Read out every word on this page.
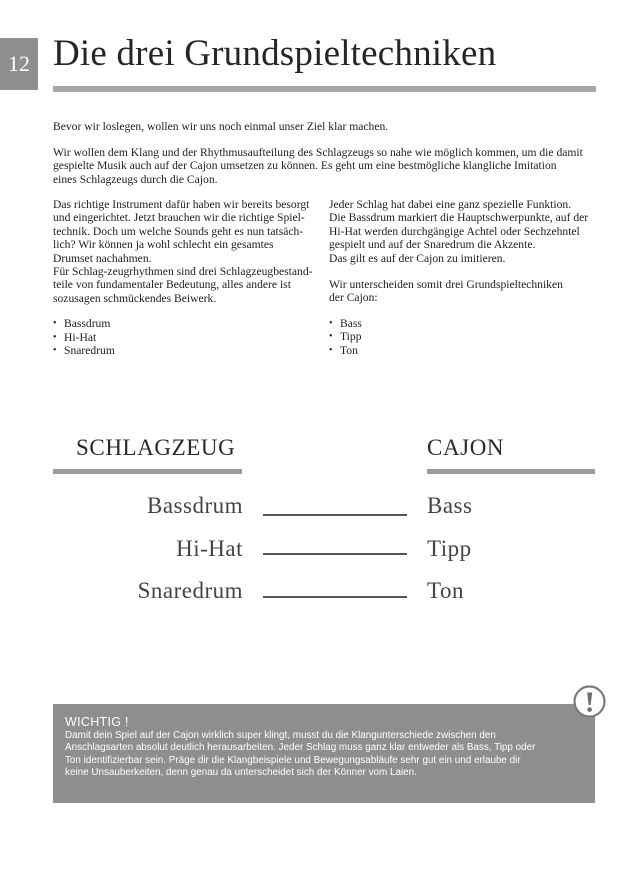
12 Die drei Grundspieltechniken

Bevor wir loslegen, wollen wir uns noch einmal unser Ziel klar machen.

Wir wollen dem Klang und der Rhythmusaufteilung des Schlagzeugs so nahe wie möglich kommen, um die damit
gespielte Musik auch auf der Cajon umsetzen zu können. Es geht um eine bestmögliche klangliche Imitation
eines Schlagzeugs durch die Cajon.

Das richtige Instrument dafür haben wir bereits besorgt

und eingerichtet. Jetzt brauchen wir die richtige Spiel-

technik. Doch um welche Sounds geht es nun tatsäch-

lich? Wir können ja wohl schlecht ein gesamtes

Drumset nachahmen.

Für Schlag-zeugrhythmen sind drei Schlagzeugbestand-

teile von fundamentaler Bedeutung, alles andere ist

sozusagen schmückendes Beiwerk.

• Bassdrum
• Hi-Hat
• Snaredrum

Jeder Schlag hat dabei eine ganz spezielle Funktion.

Die Bassdrum markiert die Hauptschwerpunkte, auf der

Hi-Hat werden durchgängige Achtel oder Sechzehntel

gespielt und auf der Snaredrum die Akzente.

Das gilt es auf der Cajon zu imitieren.

Wir unterscheiden somit drei Grundspieltechniken

der Cajon:

• Bass
• Tipp
• Ton
SCHLAGZEUG	CAJON
Bassdrum	Bass
Hi-Hat	Tipp
Snaredrum	Ton

WICHTIG !

Damit dein Spiel auf der Cajon wirklich super klingt, musst du die Klangunterschiede zwischen den
Anschlagsarten absolut deutlich herausarbeiten. Jeder Schlag muss ganz klar entweder als Bass, Tipp oder
Ton identifizierbar sein. Präge dir die Klangbeispiele und Bewegungsabläufe sehr gut ein und erlaube dir
keine Unsauberkeiten, denn genau da unterscheidet sich der Könner vom Laien.
